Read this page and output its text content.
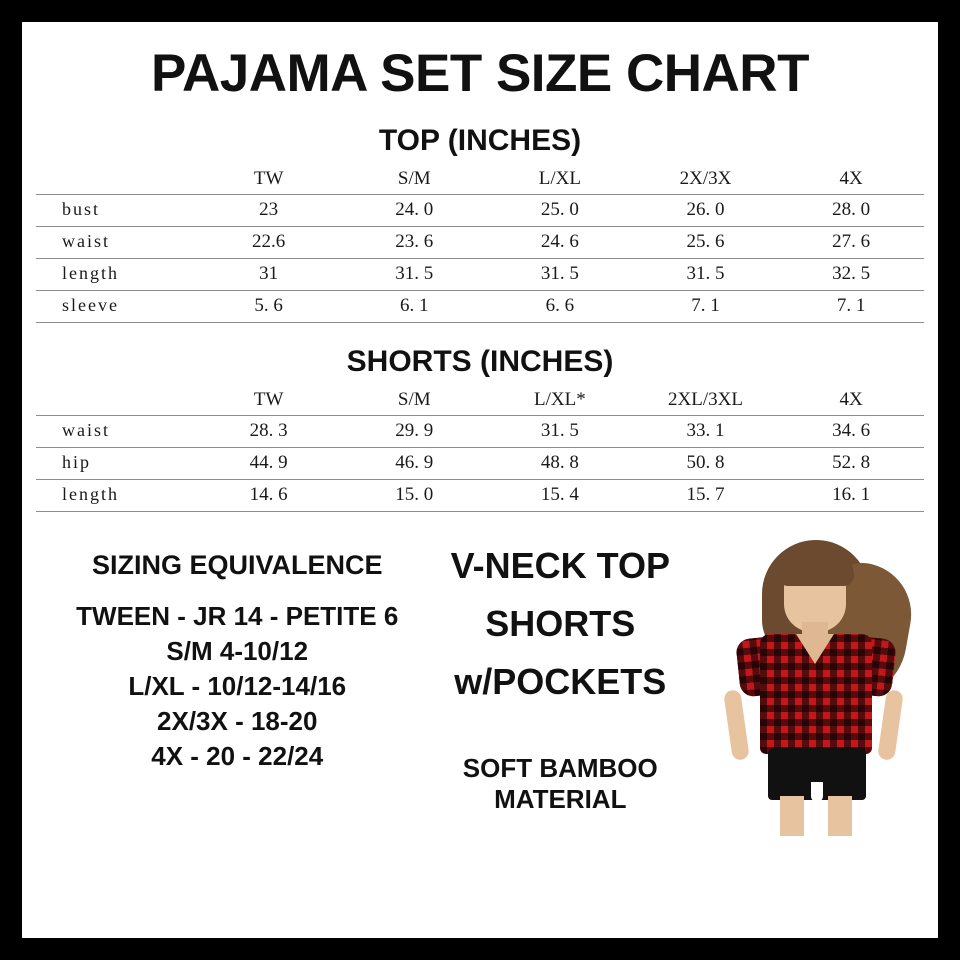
PAJAMA SET SIZE CHART
TOP (INCHES)
	TW	S/M	L/XL	2X/3X	4X
bust	23	24. 0	25. 0	26. 0	28. 0
waist	22.6	23. 6	24. 6	25. 6	27. 6
length	31	31. 5	31. 5	31. 5	32. 5
sleeve	5. 6	6. 1	6. 6	7. 1	7. 1
SHORTS (INCHES)
	TW	S/M	L/XL*	2XL/3XL	4X
waist	28. 3	29. 9	31. 5	33. 1	34. 6
hip	44. 9	46. 9	48. 8	50. 8	52. 8
length	14. 6	15. 0	15. 4	15. 7	16. 1
SIZING EQUIVALENCE
TWEEN - JR 14 - PETITE 6
S/M 4-10/12
L/XL - 10/12-14/16
2X/3X - 18-20
4X - 20 - 22/24
V-NECK TOP
SHORTS
w/POCKETS
SOFT BAMBOO
MATERIAL
